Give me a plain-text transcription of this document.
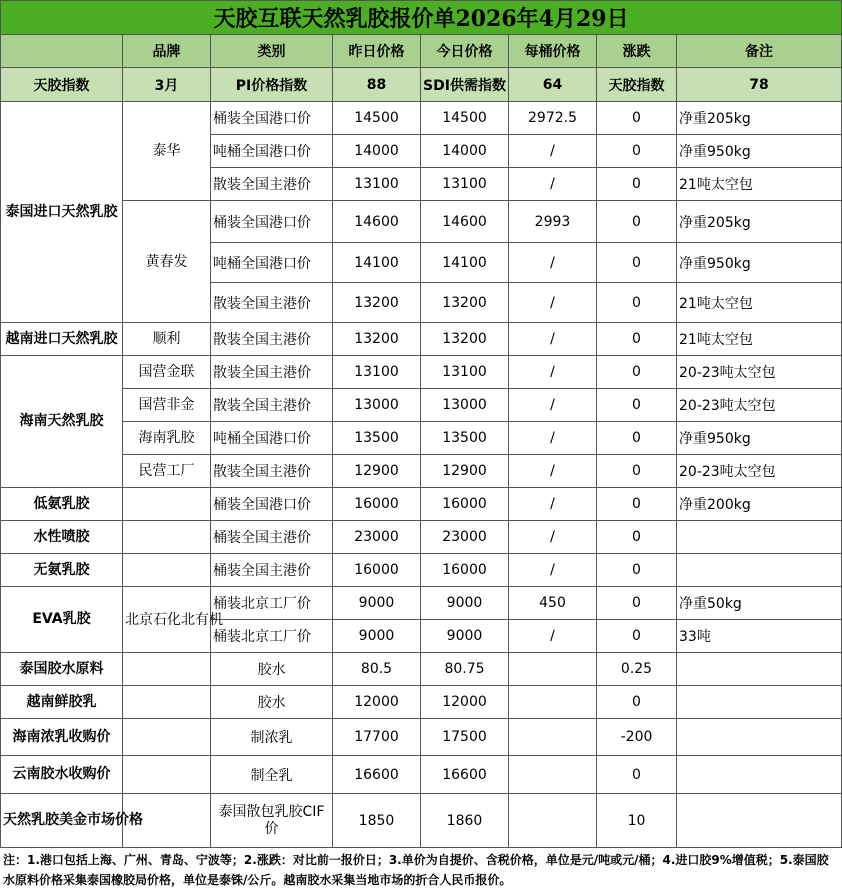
天胶互联天然乳胶报价单2026年4月29日							
	品牌	类别	昨日价格	今日价格	每桶价格	涨跌	备注
天胶指数	3月	PI价格指数	88	SDI供需指数	64	天胶指数	78
泰国进口天然乳胶	泰华	桶装全国港口价	14500	14500	2972.5	0	净重205kg
		吨桶全国港口价	14000	14000	/	0	净重950kg
		散装全国主港价	13100	13100	/	0	21吨太空包
	黄春发	桶装全国港口价	14600	14600	2993	0	净重205kg
		吨桶全国港口价	14100	14100	/	0	净重950kg
		散装全国主港价	13200	13200	/	0	21吨太空包
越南进口天然乳胶	顺利	散装全国主港价	13200	13200	/	0	21吨太空包
海南天然乳胶	国营金联	散装全国主港价	13100	13100	/	0	20-23吨太空包
	国营非金	散装全国主港价	13000	13000	/	0	20-23吨太空包
	海南乳胶	吨桶全国港口价	13500	13500	/	0	净重950kg
	民营工厂	散装全国主港价	12900	12900	/	0	20-23吨太空包
低氨乳胶		桶装全国港口价	16000	16000	/	0	净重200kg
水性喷胶		桶装全国主港价	23000	23000	/	0	
无氨乳胶		桶装全国主港价	16000	16000	/	0	
EVA乳胶	北京石化北有机	桶装北京工厂价	9000	9000	450	0	净重50kg
		桶装北京工厂价	9000	9000	/	0	33吨
泰国胶水原料		胶水	80.5	80.75		0.25	
越南鲜胶乳		胶水	12000	12000		0	
海南浓乳收购价		制浓乳	17700	17500		-200	
云南胶水收购价		制全乳	16600	16600		0	
天然乳胶美金市场价格		泰国散包乳胶CIF价	1850	1860		10	
注：1.港口包括上海、广州、青岛、宁波等；2.涨跌：对比前一报价日；3.单价为自提价、含税价格，单位是元/吨或元/桶；4.进口胶9%增值税；5.泰国胶水原料价格采集泰国橡胶局价格，单位是泰铢/公斤。越南胶水采集当地市场的折合人民币报价。
